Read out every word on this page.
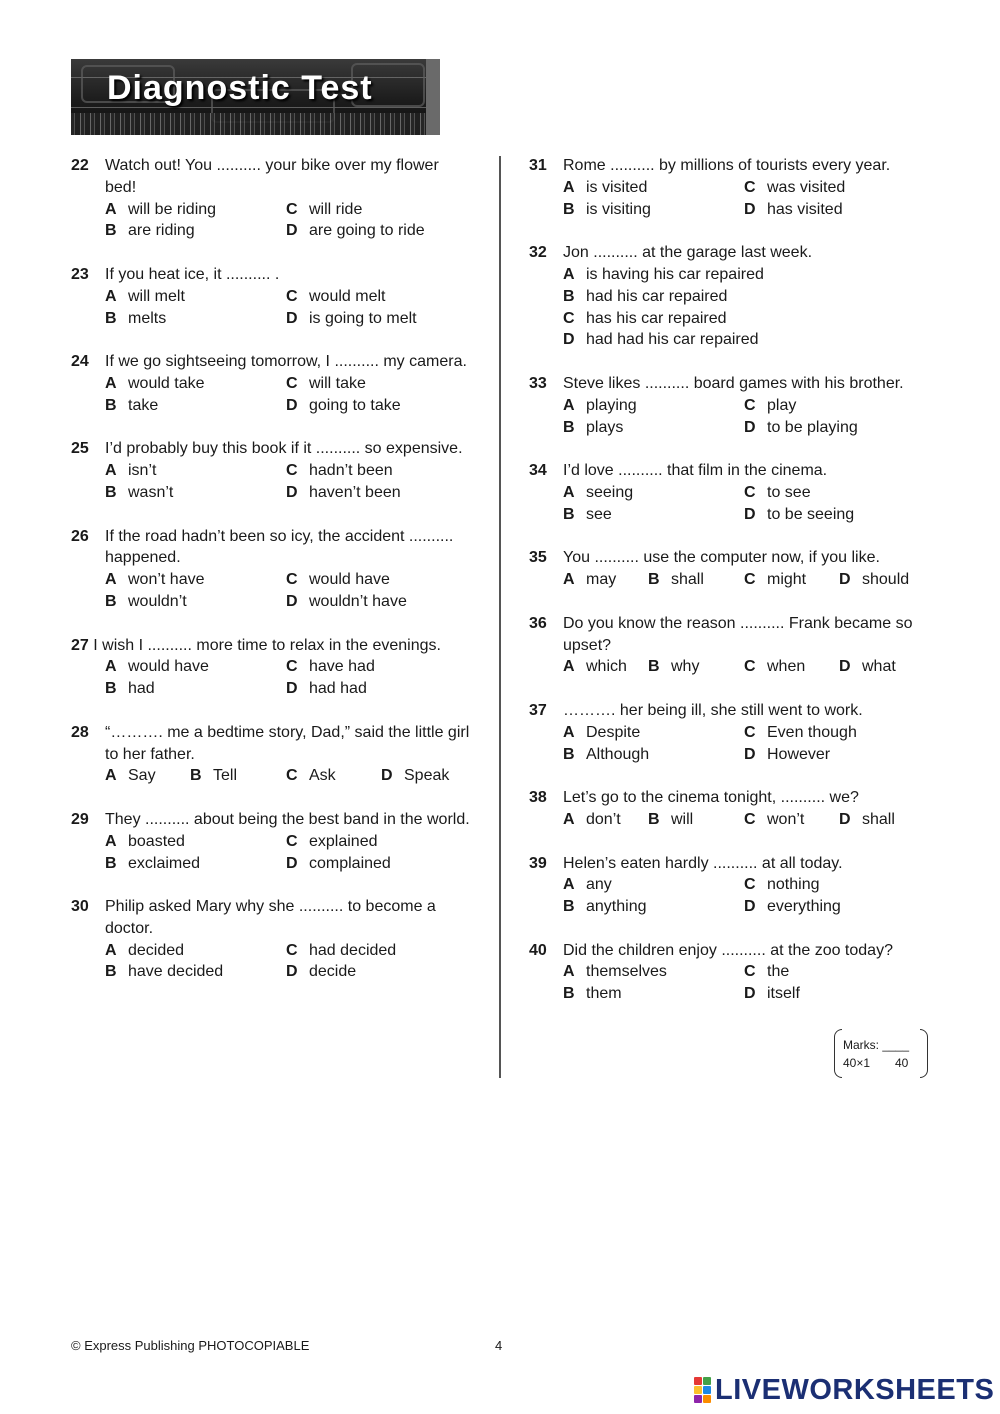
Diagnostic Test
22 Watch out! You .......... your bike over my flower bed!
A will be riding	C will ride
B are riding	D are going to ride
23 If you heat ice, it .......... .
A will melt	C would melt
B melts	D is going to melt
24 If we go sightseeing tomorrow, I .......... my camera.
A would take	C will take
B take	D going to take
25 I’d probably buy this book if it .......... so expensive.
A isn’t	C hadn’t been
B wasn’t	D haven’t been
26 If the road hadn’t been so icy, the accident .......... happened.
A won’t have	C would have
B wouldn’t	D wouldn’t have
27 I wish I .......... more time to relax in the evenings.
A would have	C have had
B had	D had had
28 “………. me a bedtime story, Dad,” said the little girl to her father.
A Say	B Tell	C Ask	D Speak
29 They .......... about being the best band in the world.
A boasted	C explained
B exclaimed	D complained
30 Philip asked Mary why she .......... to become a doctor.
A decided	C had decided
B have decided	D decide
31 Rome .......... by millions of tourists every year.
A is visited	C was visited
B is visiting	D has visited
32 Jon .......... at the garage last week.
A is having his car repaired
B had his car repaired
C has his car repaired
D had had his car repaired
33 Steve likes .......... board games with his brother.
A playing	C play
B plays	D to be playing
34 I’d love .......... that film in the cinema.
A seeing	C to see
B see	D to be seeing
35 You .......... use the computer now, if you like.
A may	B shall	C might	D should
36 Do you know the reason .......... Frank became so upset?
A which	B why	C when	D what
37 ………. her being ill, she still went to work.
A Despite	C Even though
B Although	D However
38 Let’s go to the cinema tonight, .......... we?
A don’t	B will	C won’t	D shall
39 Helen’s eaten hardly .......... at all today.
A any	C nothing
B anything	D everything
40 Did the children enjoy .......... at the zoo today?
A themselves	C the
B them	D itself
Marks: ____
40×1 40
© Express Publishing PHOTOCOPIABLE	4
LIVEWORKSHEETS
